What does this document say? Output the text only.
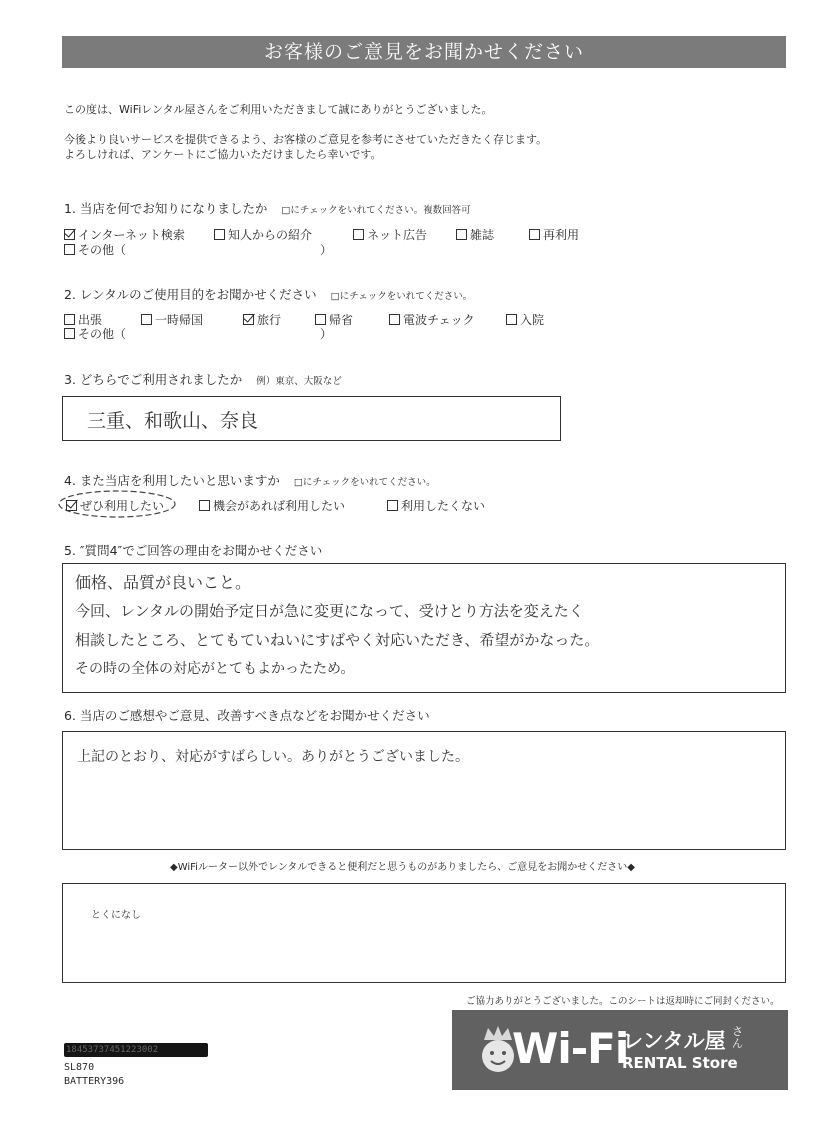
お客様のご意見をお聞かせください
この度は、WiFiレンタル屋さんをご利用いただきまして誠にありがとうございました。
今後より良いサービスを提供できるよう、お客様のご意見を参考にさせていただきたく存じます。
よろしければ、アンケートにご協力いただけましたら幸いです。
1. 当店を何でお知りになりましたか □にチェックをいれてください。複数回答可
インターネット検索	知人からの紹介	ネット広告	雑誌	再利用
その他（	）
2. レンタルのご使用目的をお聞かせください □にチェックをいれてください。
出張	一時帰国	旅行	帰省	電波チェック	入院
その他（	）
3. どちらでご利用されましたか 例）東京、大阪など
三重、和歌山、奈良
4. また当店を利用したいと思いますか □にチェックをいれてください。
ぜひ利用したい	機会があれば利用したい	利用したくない
5. ″質問4″でご回答の理由をお聞かせください
価格、品質が良いこと。
今回、レンタルの開始予定日が急に変更になって、受けとり方法を変えたく
相談したところ、とてもていねいにすばやく対応いただき、希望がかなった。
その時の全体の対応がとてもよかったため。
6. 当店のご感想やご意見、改善すべき点などをお聞かせください
上記のとおり、対応がすばらしい。ありがとうございました。
◆WiFiルーター以外でレンタルできると便利だと思うものがありましたら、ご意見をお聞かせください◆
とくになし
ご協力ありがとうございました。このシートは返却時にご同封ください。
Wi-Fi
レンタル屋 さん
RENTAL Store
18453737451223002
SL870
BATTERY396
